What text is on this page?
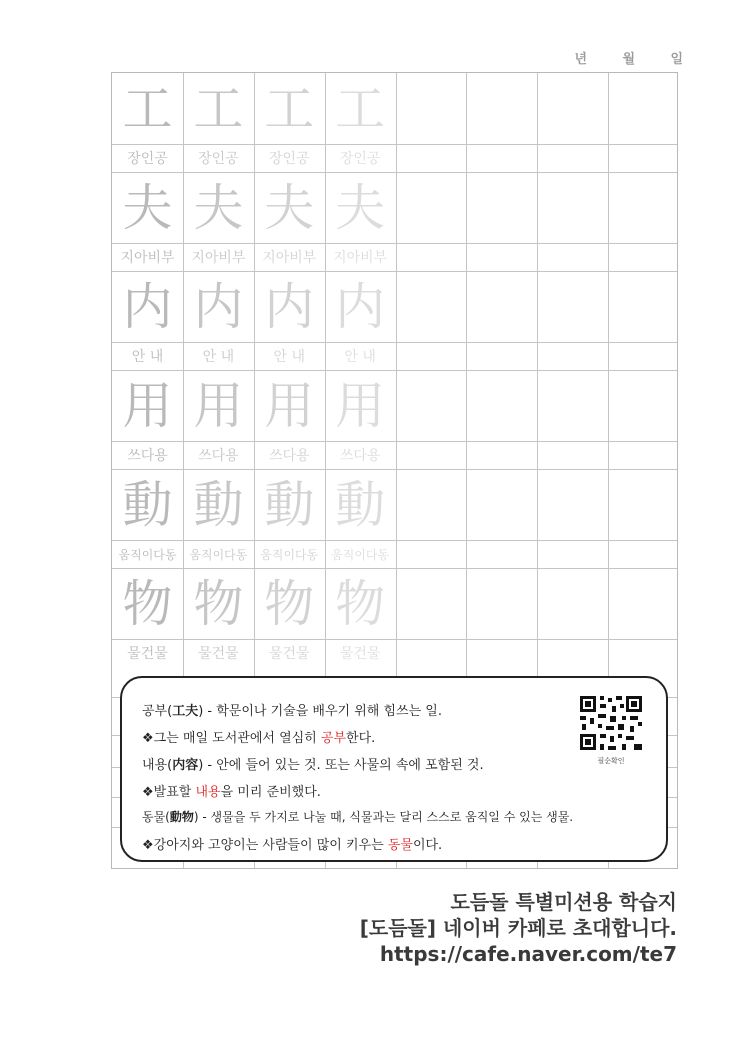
년	월	일
工
장인공
工
장인공
工
장인공
工
장인공
夫
지아비부
夫
지아비부
夫
지아비부
夫
지아비부
内
안 내
内
안 내
内
안 내
内
안 내
用
쓰다용
用
쓰다용
用
쓰다용
用
쓰다용
動
움직이다동
動
움직이다동
動
움직이다동
動
움직이다동
物
물건물
物
물건물
物
물건물
物
물건물
공부(工夫) - 학문이나 기술을 배우기 위해 힘쓰는 일.
❖그는 매일 도서관에서 열심히 공부한다.
내용(内容) - 안에 들어 있는 것. 또는 사물의 속에 포함된 것.
❖발표할 내용을 미리 준비했다.
동물(動物) - 생물을 두 가지로 나눌 때, 식물과는 달리 스스로 움직일 수 있는 생물.
❖강아지와 고양이는 사람들이 많이 키우는 동물이다.
필순확인
도듬돌 특별미션용 학습지
[도듬돌] 네이버 카페로 초대합니다.
https://cafe.naver.com/te7
